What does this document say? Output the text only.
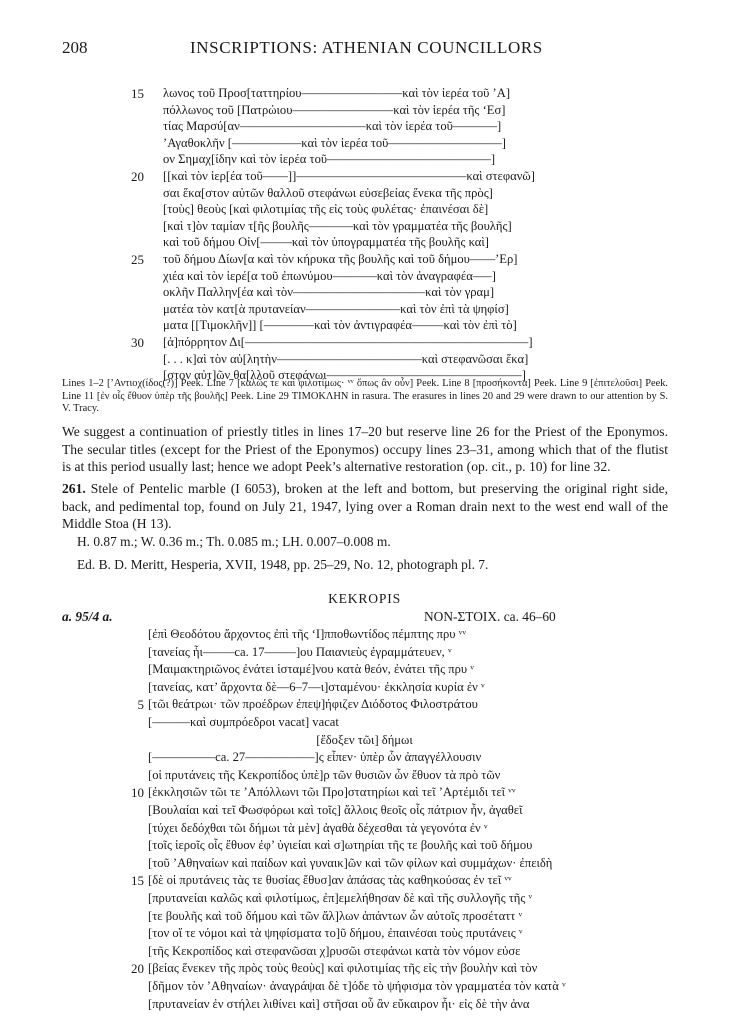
208	INSCRIPTIONS: ATHENIAN COUNCILLORS
15 λωνος τοῦ Προσ[ταττηρίου––––––––––––––––καὶ τὸν ἱερέα τοῦ ’Α]
πόλλωνος τοῦ [Πατρώιου––––––––––––––––καὶ τὸν ἱερέα τῆς ‘Εσ]
τίας Μαρσύ[αν––––––––––––––––––––καὶ τὸν ἱερέα τοῦ–––––––]
’Αγαθοκλῆν [–––––––––––καὶ τὸν ἱερέα τοῦ––––––––––––––––––]
ον Σημαχ[ίδην καὶ τὸν ἱερέα τοῦ––––––––––––––––––––––––––]
20 [[καὶ τὸν ἱερ[έα τοῦ––––]]–––––––––––––––––––––––––––καὶ στεφανῶ]
σαι ἕκα[στον αὐτῶν θαλλοῦ στεφάνωι εὐσεβείας ἕνεκα τῆς πρὸς]
[τοὺς] θεοὺς [καὶ φιλοτιμίας τῆς εἰς τοὺς φυλέτας· ἐπαινέσαι δὲ]
[καὶ τ]ὸν ταμίαν τ[ῆς βουλῆς–––––––καὶ τὸν γραμματέα τῆς βουλῆς]
καὶ τοῦ δήμου Οἰν[–––––καὶ τὸν ὑπογραμματέα τῆς βουλῆς καὶ]
25 τοῦ δήμου Δίων[α καὶ τὸν κήρυκα τῆς βουλῆς καὶ τοῦ δήμου––––’Ερ]
χιέα καὶ τὸν ἱερέ[α τοῦ ἐπωνύμου–––––––καὶ τὸν ἀναγραφέα–––]
οκλῆν Παλλην[έα καὶ τὸν–––––––––––––––––––––καὶ τὸν γραμ]
ματέα τὸν κατ[ὰ πρυτανείαν–––––––––––––––καὶ τὸν ἐπὶ τὰ ψηφίσ]
ματα [[Τιμοκλῆν]] [––––––––καὶ τὸν ἀντιγραφέα–––––καὶ τὸν ἐπὶ τὸ]
30 [ἀ]πόρρητον Δι[–––––––––––––––––––––––––––––––––––––––––––––]
[. . . κ]αὶ τὸν αὐ[λητὴν–––––––––––––––––––––––καὶ στεφανῶσαι ἕκα]
[στον αὐτ]ῶν θα[λλοῦ στεφάνωι–––––––––––––––––––––––––––––––]
Lines 1–2 [’Αντιοχ(ίδος(?)] Peek. Line 7 [καλῶς τε καὶ φιλοτίμως· ᵛᵛ ὅπως ἂν οὖν] Peek. Line 8 [προσήκοντα] Peek. Line 9 [ἐπιτελοῦσι] Peek. Line 11 [ἐν οἷς ἔθυον ὑπὲρ τῆς βουλῆς] Peek. Line 29 ΤΙΜΟΚΛΗΝ in rasura. The erasures in lines 20 and 29 were drawn to our attention by S. V. Tracy.
We suggest a continuation of priestly titles in lines 17–20 but reserve line 26 for the Priest of the Eponymos. The secular titles (except for the Priest of the Eponymos) occupy lines 23–31, among which that of the flutist is at this period usually last; hence we adopt Peek’s alternative restoration (op. cit., p. 10) for line 32.
261. Stele of Pentelic marble (I 6053), broken at the left and bottom, but preserving the original right side, back, and pedimental top, found on July 21, 1947, lying over a Roman drain next to the west end wall of the Middle Stoa (H 13).
H. 0.87 m.; W. 0.36 m.; Th. 0.085 m.; LH. 0.007–0.008 m.
Ed. B. D. Meritt, Hesperia, XVII, 1948, pp. 25–29, No. 12, photograph pl. 7.
KEKROPIS
a. 95/4 a.	NON-ΣΤΟΙΧ. ca. 46–60
[ἐπὶ Θεοδότου ἄρχοντος ἐπὶ τῆς ‘Ι]πποθωντίδος πέμπτης πρυ ᵛᵛ
[τανείας ἧι–––––ca. 17–––––]ου Παιανιεὺς ἐγραμμάτευεν, ᵛ
[Μαιμακτηριῶνος ἐνάτει ἱσταμέ]νου κατὰ θεόν, ἐνάτει τῆς πρυ ᵛ
[τανείας, κατ’ ἄρχοντα δὲ––6–7––ι]σταμένου· ἐκκλησία κυρία ἐν ᵛ
5 [τῶι θεάτρωι· τῶν προέδρων ἐπεψ]ήφιζεν Διόδοτος Φιλοστράτου
[––––––καὶ συμπρόεδροι vacat] vacat
[ἔδοξεν τῶι] δήμωι
[––––––––––ca. 27–––––––––––]ς εἶπεν· ὑπὲρ ὧν ἀπαγγέλλουσιν
[οἱ πρυτάνεις τῆς Κεκροπίδος ὑπὲ]ρ τῶν θυσιῶν ὧν ἔθυον τὰ πρὸ τῶν
10 [ἐκκλησιῶν τῶι τε ’Απόλλωνι τῶι Προ]στατηρίωι καὶ τεῖ ’Αρτέμιδι τεῖ ᵛᵛ
[Βουλαίαι καὶ τεῖ Φωσφόρωι καὶ τοῖς] ἄλλοις θεοῖς οἷς πάτριον ἦν, ἀγαθεῖ
[τύχει δεδόχθαι τῶι δήμωι τὰ μὲν] ἀγαθὰ δέχεσθαι τὰ γεγονότα ἐν ᵛ
[τοῖς ἱεροῖς οἷς ἔθυον ἐφ’ ὑγιείαι καὶ σ]ωτηρίαι τῆς τε βουλῆς καὶ τοῦ δήμου
[τοῦ ’Αθηναίων καὶ παίδων καὶ γυναικ]ῶν καὶ τῶν φίλων καὶ συμμάχων· ἐπειδὴ
15 [δὲ οἱ πρυτάνεις τὰς τε θυσίας ἔθυσ]αν ἁπάσας τὰς καθηκούσας ἐν τεῖ ᵛᵛ
[πρυτανείαι καλῶς καὶ φιλοτίμως, ἐπ]εμελήθησαν δὲ καὶ τῆς συλλογῆς τῆς ᵛ
[τε βουλῆς καὶ τοῦ δήμου καὶ τῶν ἄλ]λων ἁπάντων ὧν αὐτοῖς προσέταττ ᵛ
[τον οἵ τε νόμοι καὶ τὰ ψηφίσματα το]ῦ δήμου, ἐπαινέσαι τοὺς πρυτάνεις ᵛ
[τῆς Κεκροπίδος καὶ στεφανῶσαι χ]ρυσῶι στεφάνωι κατὰ τὸν νόμον εὐσε
20 [βείας ἕνεκεν τῆς πρὸς τοὺς θεοὺς] καὶ φιλοτιμίας τῆς εἰς τὴν βουλὴν καὶ τὸν
[δῆμον τὸν ’Αθηναίων· ἀναγράψαι δὲ τ]όδε τὸ ψήφισμα τὸν γραμματέα τὸν κατὰ ᵛ
[πρυτανείαν ἐν στήλει λιθίνει καὶ] στῆσαι οὗ ἂν εὔκαιρον ἦι· εἰς δὲ τὴν ἀνα
